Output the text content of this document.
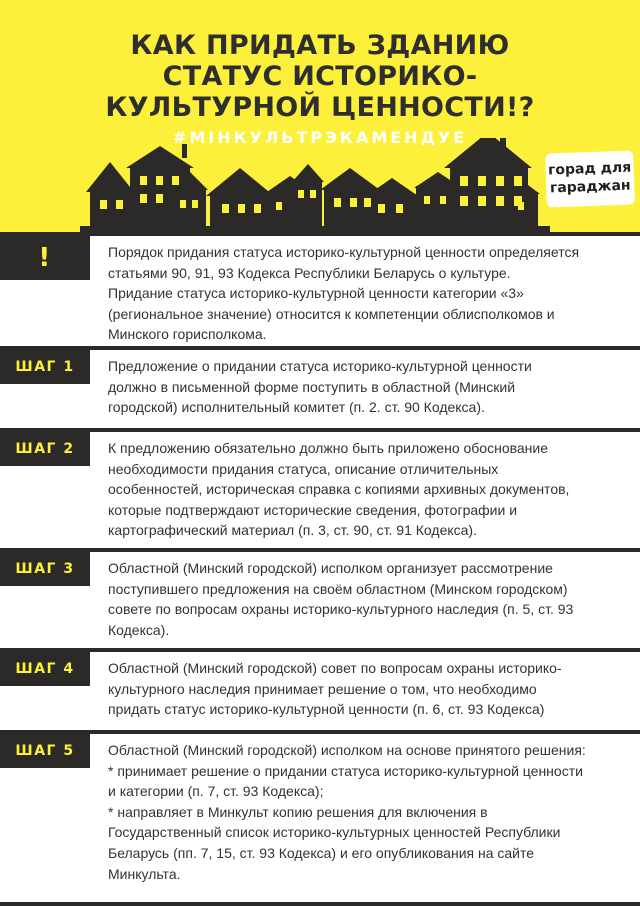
КАК ПРИДАТЬ ЗДАНИЮ
СТАТУС ИСТОРИКО-
КУЛЬТУРНОЙ ЦЕННОСТИ!?
#МІНКУЛЬТРЭКАМЕНДУЕ
горад для
гараджан
!	Порядок придания статуса историко-культурной ценности определяется
статьями 90, 91, 93 Кодекса Республики Беларусь о культуре.
Придание статуса историко-культурной ценности категории «3»
(региональное значение) относится к компетенции облисполкомов и
Минского горисполкома.
ШАГ 1	Предложение о придании статуса историко-культурной ценности
должно в письменной форме поступить в областной (Минский
городской) исполнительный комитет (п. 2. ст. 90 Кодекса).
ШАГ 2	К предложению обязательно должно быть приложено обоснование
необходимости придания статуса, описание отличительных
особенностей, историческая справка с копиями архивных документов,
которые подтверждают исторические сведения, фотографии и
картографический материал (п. 3, ст. 90, ст. 91 Кодекса).
ШАГ 3	Областной (Минский городской) исполком организует рассмотрение
поступившего предложения на своём областном (Минском городском)
совете по вопросам охраны историко-культурного наследия (п. 5, ст. 93
Кодекса).
ШАГ 4	Областной (Минский городской) совет по вопросам охраны историко-
культурного наследия принимает решение о том, что необходимо
придать статус историко-культурной ценности (п. 6, ст. 93 Кодекса)
ШАГ 5	Областной (Минский городской) исполком на основе принятого решения:
* принимает решение о придании статуса историко-культурной ценности
и категории (п. 7, ст. 93 Кодекса);
* направляет в Минкульт копию решения для включения в
Государственный список историко-культурных ценностей Республики
Беларусь (пп. 7, 15, ст. 93 Кодекса) и его опубликования на сайте
Минкульта.
